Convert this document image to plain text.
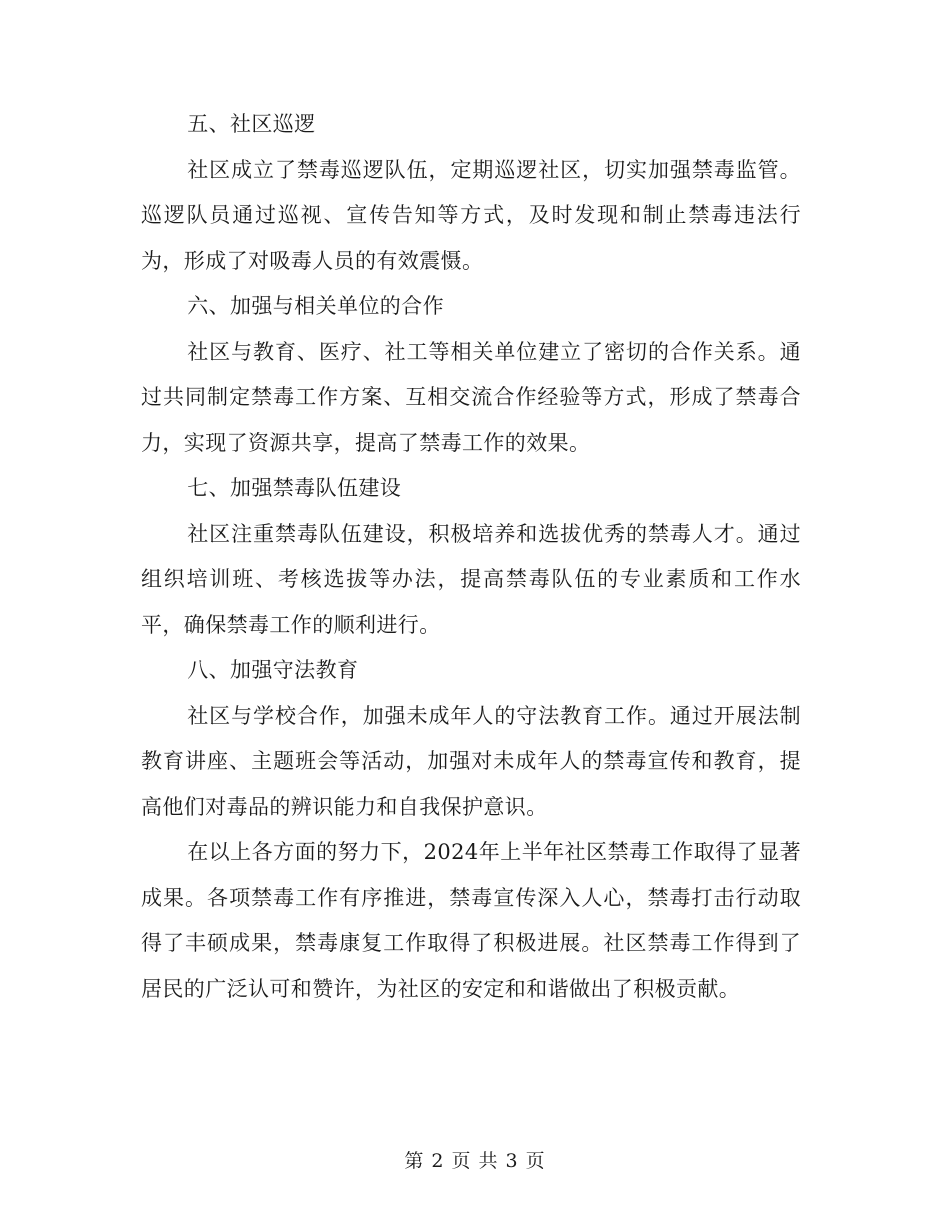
五、社区巡逻

社区成立了禁毒巡逻队伍，定期巡逻社区，切实加强禁毒监管。巡逻队员通过巡视、宣传告知等方式，及时发现和制止禁毒违法行为，形成了对吸毒人员的有效震慑。

六、加强与相关单位的合作

社区与教育、医疗、社工等相关单位建立了密切的合作关系。通过共同制定禁毒工作方案、互相交流合作经验等方式，形成了禁毒合力，实现了资源共享，提高了禁毒工作的效果。

七、加强禁毒队伍建设

社区注重禁毒队伍建设，积极培养和选拔优秀的禁毒人才。通过组织培训班、考核选拔等办法，提高禁毒队伍的专业素质和工作水平，确保禁毒工作的顺利进行。

八、加强守法教育

社区与学校合作，加强未成年人的守法教育工作。通过开展法制教育讲座、主题班会等活动，加强对未成年人的禁毒宣传和教育，提高他们对毒品的辨识能力和自我保护意识。

在以上各方面的努力下，2024年上半年社区禁毒工作取得了显著成果。各项禁毒工作有序推进，禁毒宣传深入人心，禁毒打击行动取得了丰硕成果，禁毒康复工作取得了积极进展。社区禁毒工作得到了居民的广泛认可和赞许，为社区的安定和和谐做出了积极贡献。

第 2 页 共 3 页
